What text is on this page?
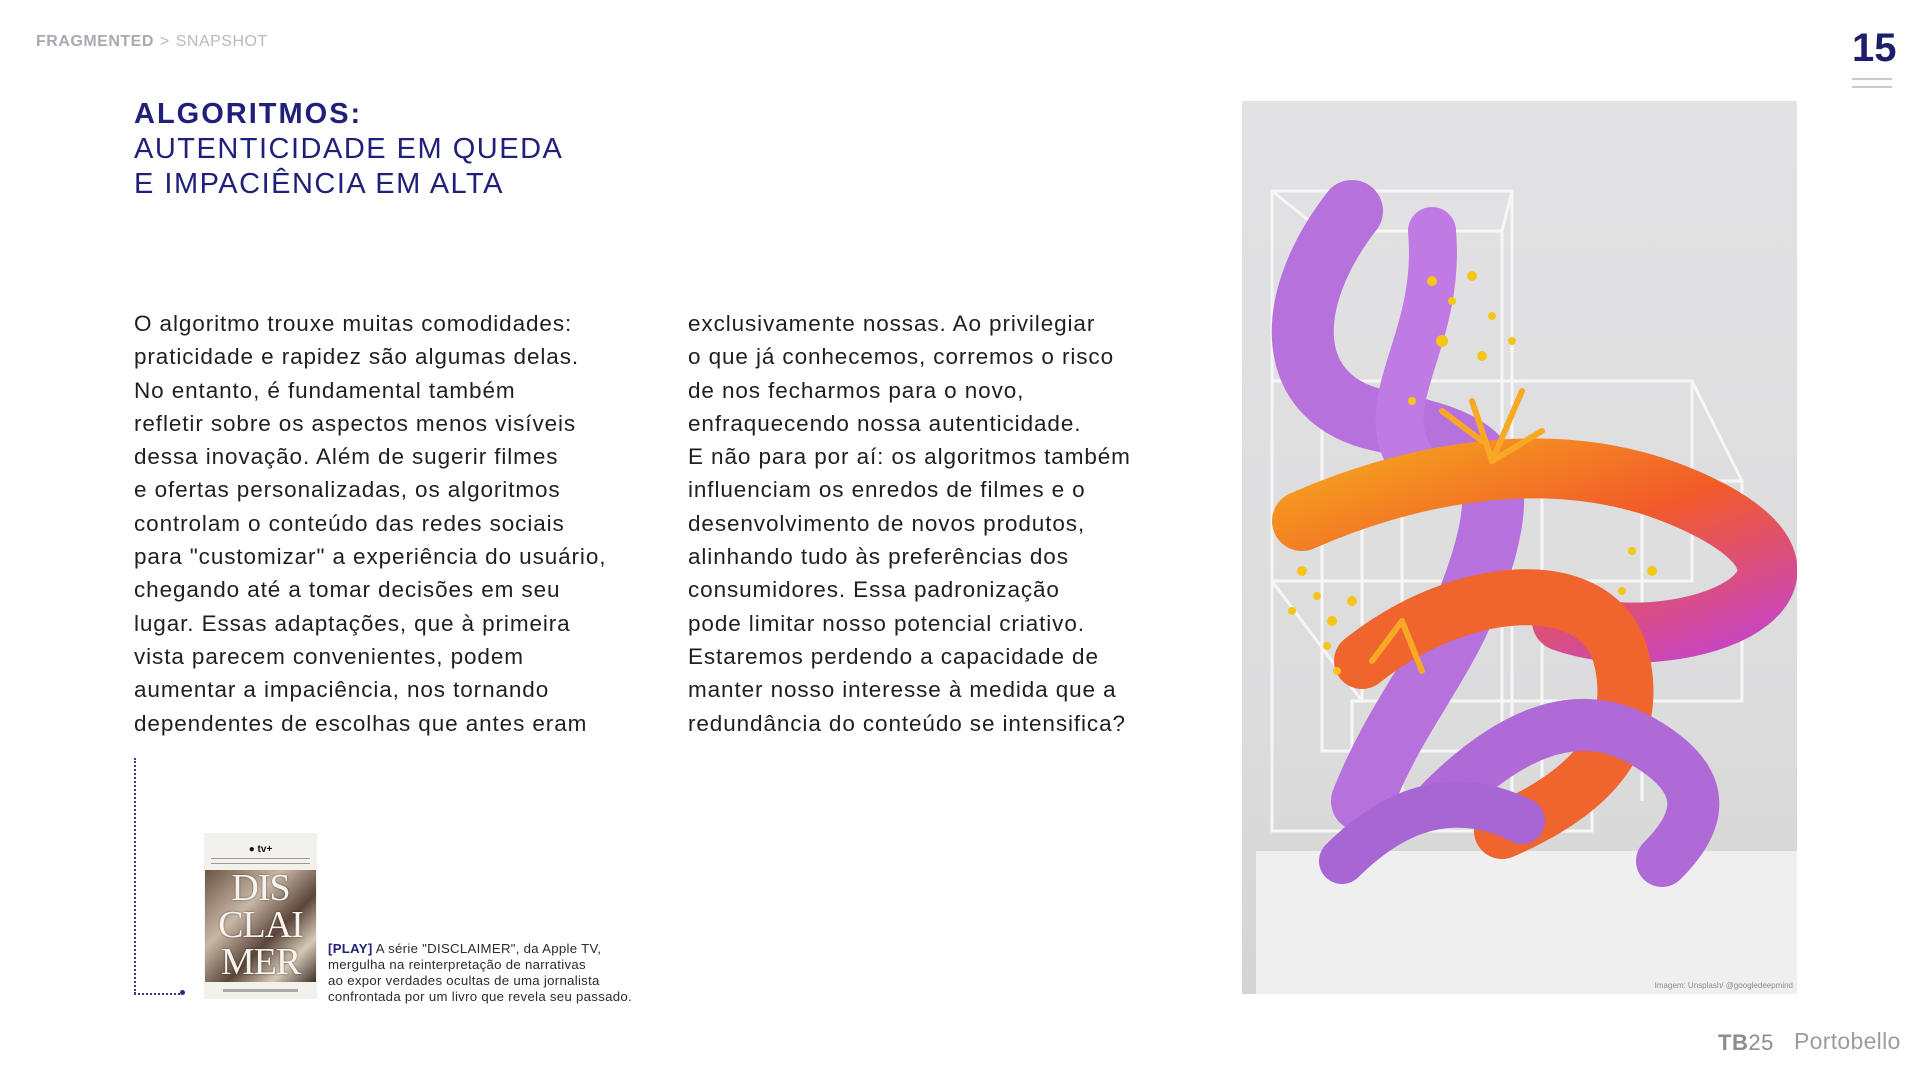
FRAGMENTED > SNAPSHOT	15
ALGORITMOS:
AUTENTICIDADE EM QUEDA
E IMPACIÊNCIA EM ALTA
O algoritmo trouxe muitas comodidades:
praticidade e rapidez são algumas delas.
No entanto, é fundamental também
refletir sobre os aspectos menos visíveis
dessa inovação. Além de sugerir filmes
e ofertas personalizadas, os algoritmos
controlam o conteúdo das redes sociais
para "customizar" a experiência do usuário,
chegando até a tomar decisões em seu
lugar. Essas adaptações, que à primeira
vista parecem convenientes, podem
aumentar a impaciência, nos tornando
dependentes de escolhas que antes eram
exclusivamente nossas. Ao privilegiar
o que já conhecemos, corremos o risco
de nos fecharmos para o novo,
enfraquecendo nossa autenticidade.
E não para por aí: os algoritmos também
influenciam os enredos de filmes e o
desenvolvimento de novos produtos,
alinhando tudo às preferências dos
consumidores. Essa padronização
pode limitar nosso potencial criativo.
Estaremos perdendo a capacidade de
manter nosso interesse à medida que a
redundância do conteúdo se intensifica?
● tv+
DIS
CLAI
MER	[PLAY] A série "DISCLAIMER", da Apple TV,
mergulha na reinterpretação de narrativas
ao expor verdades ocultas de uma jornalista
confrontada por um livro que revela seu passado.
Imagem: Unsplash/ @googledeepmind
TB25 Portobello
